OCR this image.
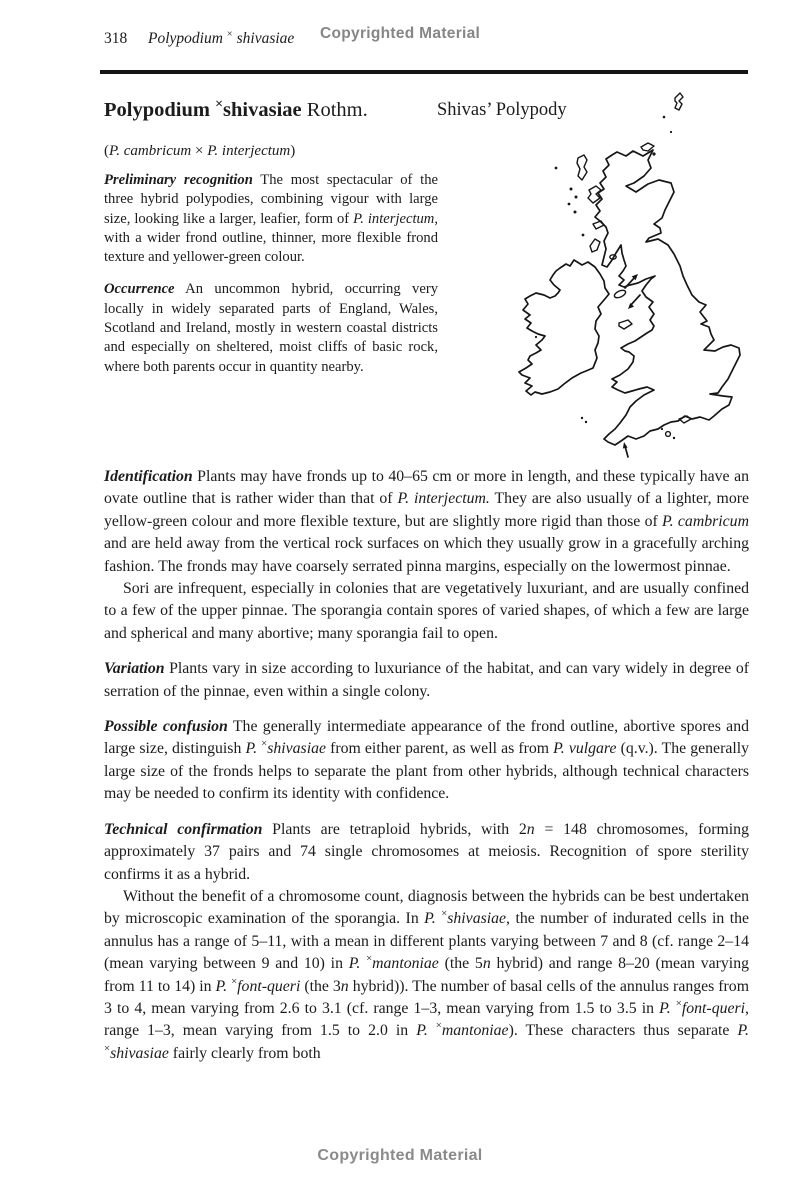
318 Polypodium × shivasiae Copyrighted Material
Polypodium ×shivasiae Rothm.	Shivas’ Polypody
(P. cambricum × P. interjectum)

Preliminary recognition The most spectacular of the three hybrid polypodies, combining vigour with large size, looking like a larger, leafier, form of P. interjectum, with a wider frond outline, thinner, more flexible frond texture and yellower-green colour.

Occurrence An uncommon hybrid, occurring very locally in widely separated parts of England, Wales, Scotland and Ireland, mostly in western coastal districts and especially on sheltered, moist cliffs of basic rock, where both parents occur in quantity nearby.

Identification Plants may have fronds up to 40–65 cm or more in length, and these typically have an ovate outline that is rather wider than that of P. interjectum. They are also usually of a lighter, more yellow-green colour and more flexible texture, but are slightly more rigid than those of P. cambricum and are held away from the vertical rock surfaces on which they usually grow in a gracefully arching fashion. The fronds may have coarsely serrated pinna margins, especially on the lowermost pinnae.

Sori are infrequent, especially in colonies that are vegetatively luxuriant, and are usually confined to a few of the upper pinnae. The sporangia contain spores of varied shapes, of which a few are large and spherical and many abortive; many sporangia fail to open.

Variation Plants vary in size according to luxuriance of the habitat, and can vary widely in degree of serration of the pinnae, even within a single colony.

Possible confusion The generally intermediate appearance of the frond outline, abortive spores and large size, distinguish P. ×shivasiae from either parent, as well as from P. vulgare (q.v.). The generally large size of the fronds helps to separate the plant from other hybrids, although technical characters may be needed to confirm its identity with confidence.

Technical confirmation Plants are tetraploid hybrids, with 2n = 148 chromosomes, forming approximately 37 pairs and 74 single chromosomes at meiosis. Recognition of spore sterility confirms it as a hybrid.

Without the benefit of a chromosome count, diagnosis between the hybrids can be best undertaken by microscopic examination of the sporangia. In P. ×shivasiae, the number of indurated cells in the annulus has a range of 5–11, with a mean in different plants varying between 7 and 8 (cf. range 2–14 (mean varying between 9 and 10) in P. ×mantoniae (the 5n hybrid) and range 8–20 (mean varying from 11 to 14) in P. ×font-queri (the 3n hybrid)). The number of basal cells of the annulus ranges from 3 to 4, mean varying from 2.6 to 3.1 (cf. range 1–3, mean varying from 1.5 to 3.5 in P. ×font-queri, range 1–3, mean varying from 1.5 to 2.0 in P. ×mantoniae). These characters thus separate P. ×shivasiae fairly clearly from both

Copyrighted Material
